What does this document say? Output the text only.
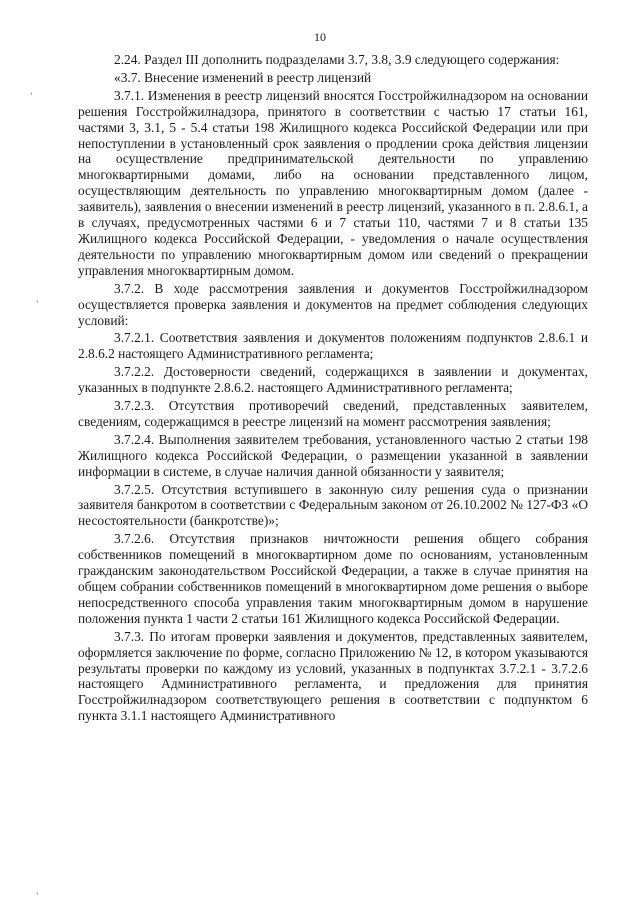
10
'
'
'

2.24. Раздел III дополнить подразделами 3.7, 3.8, 3.9 следующего содержания:

«3.7. Внесение изменений в реестр лицензий

3.7.1. Изменения в реестр лицензий вносятся Госстройжилнадзором на основании решения Госстройжилнадзора, принятого в соответствии с частью 17 статьи 161, частями 3, 3.1, 5 - 5.4 статьи 198 Жилищного кодекса Российской Федерации или при непоступлении в установленный срок заявления о продлении срока действия лицензии на осуществление предпринимательской деятельности по управлению многоквартирными домами, либо на основании представленного лицом, осуществляющим деятельность по управлению многоквартирным домом (далее - заявитель), заявления о внесении изменений в реестр лицензий, указанного в п. 2.8.6.1, а в случаях, предусмотренных частями 6 и 7 статьи 110, частями 7 и 8 статьи 135 Жилищного кодекса Российской Федерации, - уведомления о начале осуществления деятельности по управлению многоквартирным домом или сведений о прекращении управления многоквартирным домом.

3.7.2. В ходе рассмотрения заявления и документов Госстройжилнадзором осуществляется проверка заявления и документов на предмет соблюдения следующих условий:

3.7.2.1. Соответствия заявления и документов положениям подпунктов 2.8.6.1 и 2.8.6.2 настоящего Административного регламента;

3.7.2.2. Достоверности сведений, содержащихся в заявлении и документах, указанных в подпункте 2.8.6.2. настоящего Административного регламента;

3.7.2.3. Отсутствия противоречий сведений, представленных заявителем, сведениям, содержащимся в реестре лицензий на момент рассмотрения заявления;

3.7.2.4. Выполнения заявителем требования, установленного частью 2 статьи 198 Жилищного кодекса Российской Федерации, о размещении указанной в заявлении информации в системе, в случае наличия данной обязанности у заявителя;

3.7.2.5. Отсутствия вступившего в законную силу решения суда о признании заявителя банкротом в соответствии с Федеральным законом от 26.10.2002 № 127-ФЗ «О несостоятельности (банкротстве)»;

3.7.2.6. Отсутствия признаков ничтожности решения общего собрания собственников помещений в многоквартирном доме по основаниям, установленным гражданским законодательством Российской Федерации, а также в случае принятия на общем собрании собственников помещений в многоквартирном доме решения о выборе непосредственного способа управления таким многоквартирным домом в нарушение положения пункта 1 части 2 статьи 161 Жилищного кодекса Российской Федерации.

3.7.3. По итогам проверки заявления и документов, представленных заявителем, оформляется заключение по форме, согласно Приложению № 12, в котором указываются результаты проверки по каждому из условий, указанных в подпунктах 3.7.2.1 - 3.7.2.6 настоящего Административного регламента, и предложения для принятия Госстройжилнадзором соответствующего решения в соответствии с подпунктом 6 пункта 3.1.1 настоящего Административного
